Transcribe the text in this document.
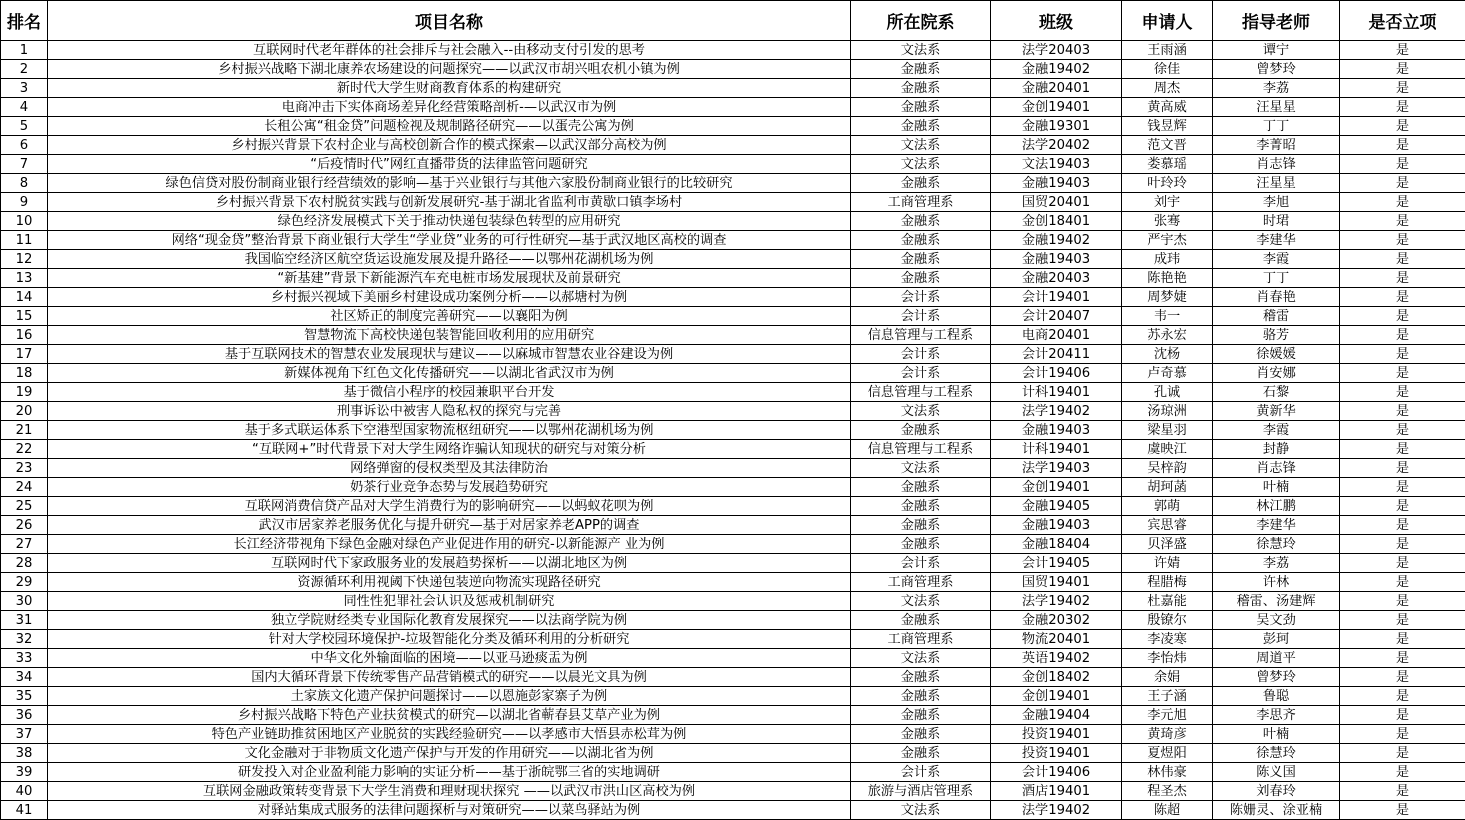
排名	项目名称	所在院系	班级	申请人	指导老师	是否立项
1	互联网时代老年群体的社会排斥与社会融入--由移动支付引发的思考	文法系	法学20403	王雨涵	谭宁	是
2	乡村振兴战略下湖北康养农场建设的问题探究——以武汉市胡兴咀农机小镇为例	金融系	金融19402	徐佳	曾梦玲	是
3	新时代大学生财商教育体系的构建研究	金融系	金融20401	周杰	李荔	是
4	电商冲击下实体商场差异化经营策略剖析-—以武汉市为例	金融系	金创19401	黄高威	汪星星	是
5	长租公寓“租金贷”问题检视及规制路径研究——以蛋壳公寓为例	金融系	金融19301	钱昱辉	丁丁	是
6	乡村振兴背景下农村企业与高校创新合作的模式探索—以武汉部分高校为例	文法系	法学20402	范文晋	李菁昭	是
7	“后疫情时代”网红直播带货的法律监管问题研究	文法系	文法19403	娄慕瑶	肖志锋	是
8	绿色信贷对股份制商业银行经营绩效的影响—基于兴业银行与其他六家股份制商业银行的比较研究	金融系	金融19403	叶玲玲	汪星星	是
9	乡村振兴背景下农村脱贫实践与创新发展研究-基于湖北省监利市黄歇口镇李场村	工商管理系	国贸20401	刘宇	李旭	是
10	绿色经济发展模式下关于推动快递包装绿色转型的应用研究	金融系	金创18401	张骞	时珺	是
11	网络“现金贷”整治背景下商业银行大学生“学业贷”业务的可行性研究—基于武汉地区高校的调查	金融系	金融19402	严宇杰	李建华	是
12	我国临空经济区航空货运设施发展及提升路径——以鄂州花湖机场为例	金融系	金融19403	成玮	李霞	是
13	“新基建”背景下新能源汽车充电桩市场发展现状及前景研究	金融系	金融20403	陈艳艳	丁丁	是
14	乡村振兴视域下美丽乡村建设成功案例分析——以郝塘村为例	会计系	会计19401	周梦婕	肖春艳	是
15	社区矫正的制度完善研究——以襄阳为例	会计系	会计20407	韦一	稽雷	是
16	智慧物流下高校快递包装智能回收利用的应用研究	信息管理与工程系	电商20401	苏永宏	骆芳	是
17	基于互联网技术的智慧农业发展现状与建议——以麻城市智慧农业谷建设为例	会计系	会计20411	沈杨	徐媛媛	是
18	新媒体视角下红色文化传播研究——以湖北省武汉市为例	会计系	会计19406	卢奇慕	肖安娜	是
19	基于微信小程序的校园兼职平台开发	信息管理与工程系	计科19401	孔诚	石黎	是
20	刑事诉讼中被害人隐私权的探究与完善	文法系	法学19402	汤琼洲	黄新华	是
21	基于多式联运体系下空港型国家物流枢纽研究——以鄂州花湖机场为例	金融系	金融19403	梁星羽	李霞	是
22	“互联网+”时代背景下对大学生网络诈骗认知现状的研究与对策分析	信息管理与工程系	计科19401	虞映江	封静	是
23	网络弹窗的侵权类型及其法律防治	文法系	法学19403	吴梓韵	肖志锋	是
24	奶茶行业竞争态势与发展趋势研究	金融系	金创19401	胡珂菡	叶楠	是
25	互联网消费信贷产品对大学生消费行为的影响研究——以蚂蚁花呗为例	金融系	金融19405	郭萌	林江鹏	是
26	武汉市居家养老服务优化与提升研究—基于对居家养老APP的调查	金融系	金融19403	宾思睿	李建华	是
27	长江经济带视角下绿色金融对绿色产业促进作用的研究-以新能源产 业为例	金融系	金融18404	贝泽盛	徐慧玲	是
28	互联网时代下家政服务业的发展趋势探析——以湖北地区为例	会计系	会计19405	许婧	李荔	是
29	资源循环利用视阈下快递包装逆向物流实现路径研究	工商管理系	国贸19401	程腊梅	许林	是
30	同性性犯罪社会认识及惩戒机制研究	文法系	法学19402	杜嘉能	稽雷、汤建辉	是
31	独立学院财经类专业国际化教育发展探究——以法商学院为例	金融系	金融20302	殷镣尔	吴文劲	是
32	针对大学校园环境保护-垃圾智能化分类及循环利用的分析研究	工商管理系	物流20401	李凌寒	彭珂	是
33	中华文化外输面临的困境——以亚马逊痰盂为例	文法系	英语19402	李怡炜	周道平	是
34	国内大循环背景下传统零售产品营销模式的研究——以晨光文具为例	金融系	金创18402	余娟	曾梦玲	是
35	土家族文化遗产保护问题探讨——以恩施彭家寨子为例	金融系	金创19401	王子涵	鲁聪	是
36	乡村振兴战略下特色产业扶贫模式的研究—以湖北省蕲春县艾草产业为例	金融系	金融19404	李元旭	李思齐	是
37	特色产业链助推贫困地区产业脱贫的实践经验研究——以孝感市大悟县赤松茸为例	金融系	投资19401	黄琦彦	叶楠	是
38	文化金融对于非物质文化遗产保护与开发的作用研究——以湖北省为例	金融系	投资19401	夏煜阳	徐慧玲	是
39	研发投入对企业盈利能力影响的实证分析——基于浙皖鄂三省的实地调研	会计系	会计19406	林伟豪	陈义国	是
40	互联网金融政策转变背景下大学生消费和理财现状探究 ——以武汉市洪山区高校为例	旅游与酒店管理系	酒店19401	程圣杰	刘春玲	是
41	对驿站集成式服务的法律问题探析与对策研究——以菜鸟驿站为例	文法系	法学19402	陈超	陈姗灵、涂亚楠	是
